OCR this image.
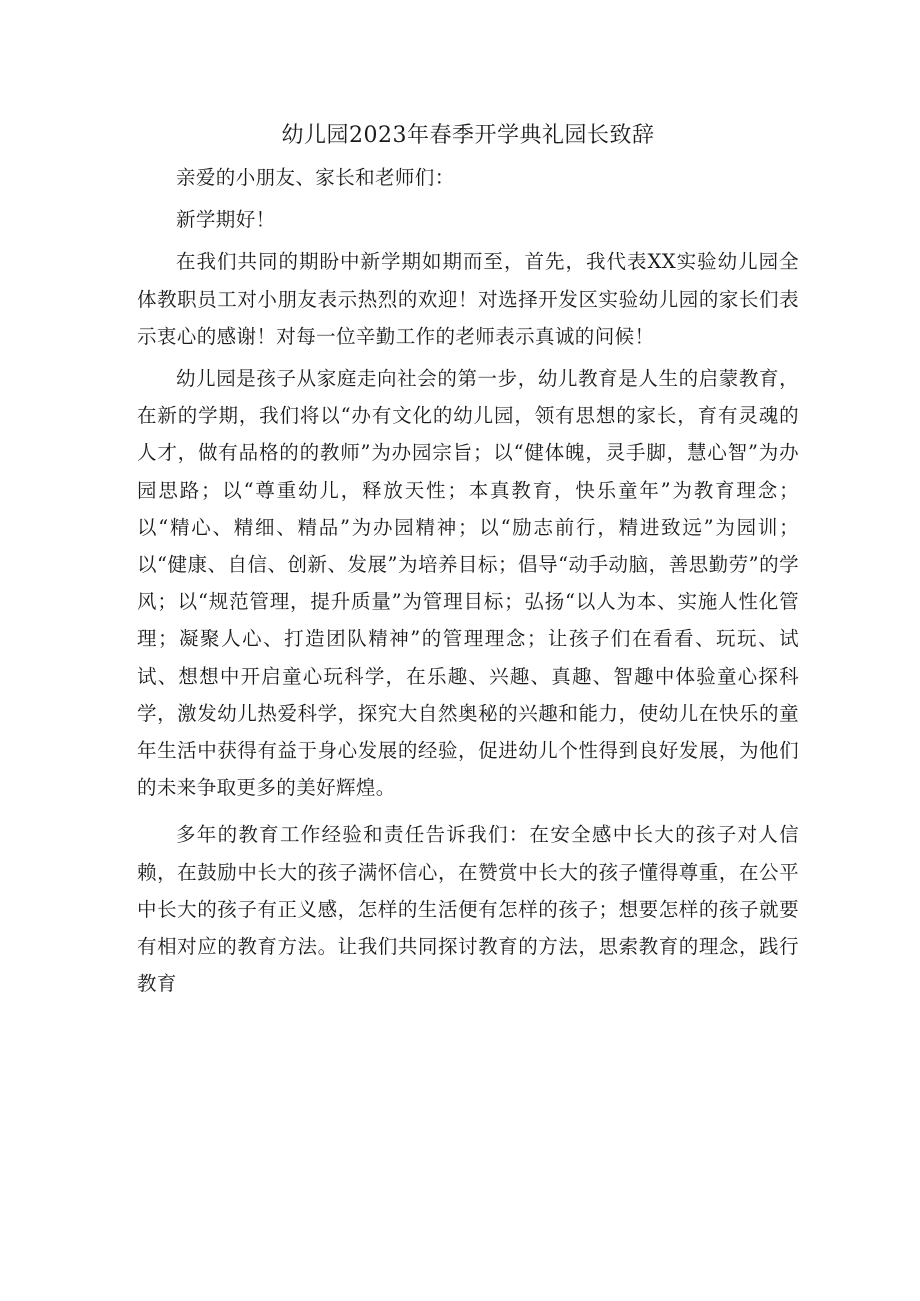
幼儿园2023年春季开学典礼园长致辞

亲爱的小朋友、家长和老师们：

新学期好！

在我们共同的期盼中新学期如期而至，首先，我代表XX实验幼儿园全体教职员工对小朋友表示热烈的欢迎！对选择开发区实验幼儿园的家长们表示衷心的感谢！对每一位辛勤工作的老师表示真诚的问候！

幼儿园是孩子从家庭走向社会的第一步，幼儿教育是人生的启蒙教育，在新的学期，我们将以“办有文化的幼儿园，领有思想的家长，育有灵魂的人才，做有品格的的教师”为办园宗旨；以“健体魄，灵手脚，慧心智”为办园思路；以“尊重幼儿，释放天性；本真教育，快乐童年”为教育理念；以“精心、精细、精品”为办园精神；以“励志前行，精进致远”为园训；以“健康、自信、创新、发展”为培养目标；倡导“动手动脑，善思勤劳”的学风；以“规范管理，提升质量”为管理目标；弘扬“以人为本、实施人性化管理；凝聚人心、打造团队精神”的管理理念；让孩子们在看看、玩玩、试试、想想中开启童心玩科学，在乐趣、兴趣、真趣、智趣中体验童心探科学，激发幼儿热爱科学，探究大自然奥秘的兴趣和能力，使幼儿在快乐的童年生活中获得有益于身心发展的经验，促进幼儿个性得到良好发展，为他们的未来争取更多的美好辉煌。

多年的教育工作经验和责任告诉我们：在安全感中长大的孩子对人信赖，在鼓励中长大的孩子满怀信心，在赞赏中长大的孩子懂得尊重，在公平中长大的孩子有正义感，怎样的生活便有怎样的孩子；想要怎样的孩子就要有相对应的教育方法。让我们共同探讨教育的方法，思索教育的理念，践行教育
